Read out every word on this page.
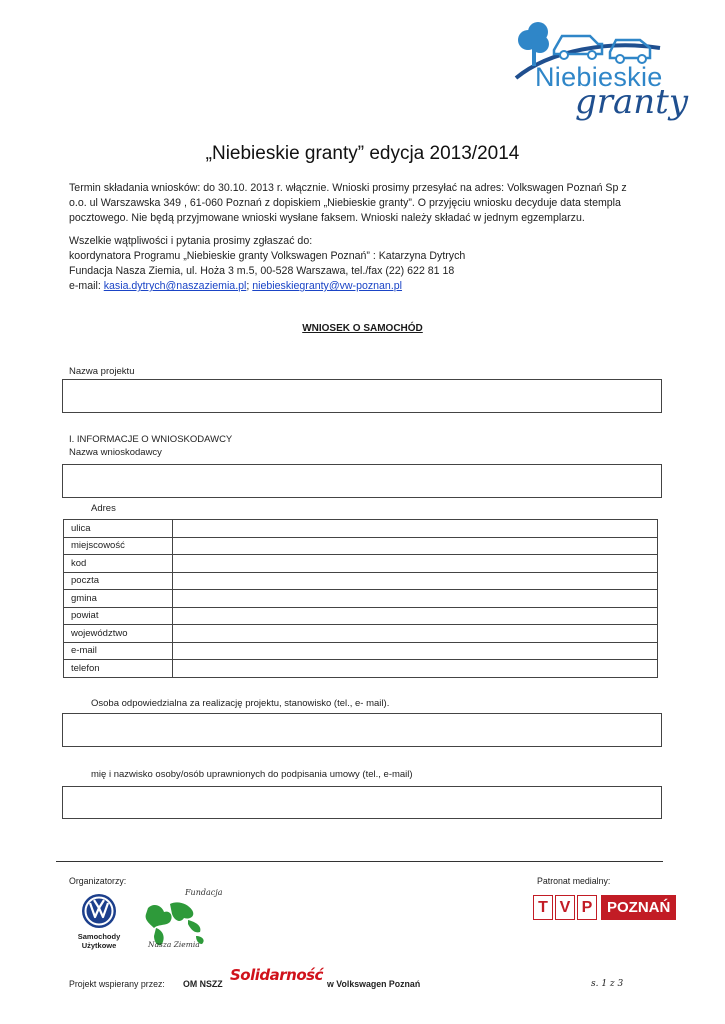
Niebieskie
granty
„Niebieskie granty” edycja 2013/2014
Termin składania wniosków: do 30.10. 2013 r. włącznie. Wnioski prosimy przesyłać na adres: Volkswagen Poznań Sp z
o.o. ul Warszawska 349 , 61-060 Poznań z dopiskiem „Niebieskie granty”. O przyjęciu wniosku decyduje data stempla
pocztowego. Nie będą przyjmowane wnioski wysłane faksem. Wnioski należy składać w jednym egzemplarzu.
Wszelkie wątpliwości i pytania prosimy zgłaszać do:
koordynatora Programu „Niebieskie granty Volkswagen Poznań” : Katarzyna Dytrych
Fundacja Nasza Ziemia, ul. Hoża 3 m.5, 00-528 Warszawa, tel./fax (22) 622 81 18
e-mail: kasia.dytrych@naszaziemia.pl; niebieskiegranty@vw-poznan.pl
WNIOSEK O SAMOCHÓD
Nazwa projektu
I. INFORMACJE O WNIOSKODAWCY
Nazwa wnioskodawcy
Adres
ulica	
miejscowość	
kod	
poczta	
gmina	
powiat	
województwo	
e-mail	
telefon	
Osoba odpowiedzialna za realizację projektu, stanowisko (tel., e- mail).
mię i nazwisko osoby/osób uprawnionych do podpisania umowy (tel., e-mail)
Organizatorzy:
Samochody
Użytkowe
Fundacja
Nasza Ziemia
Patronat medialny:
T V P POZNAŃ
Projekt wspierany przez: OM NSZZ Solidarność w Volkswagen Poznań	s. 1 z 3
